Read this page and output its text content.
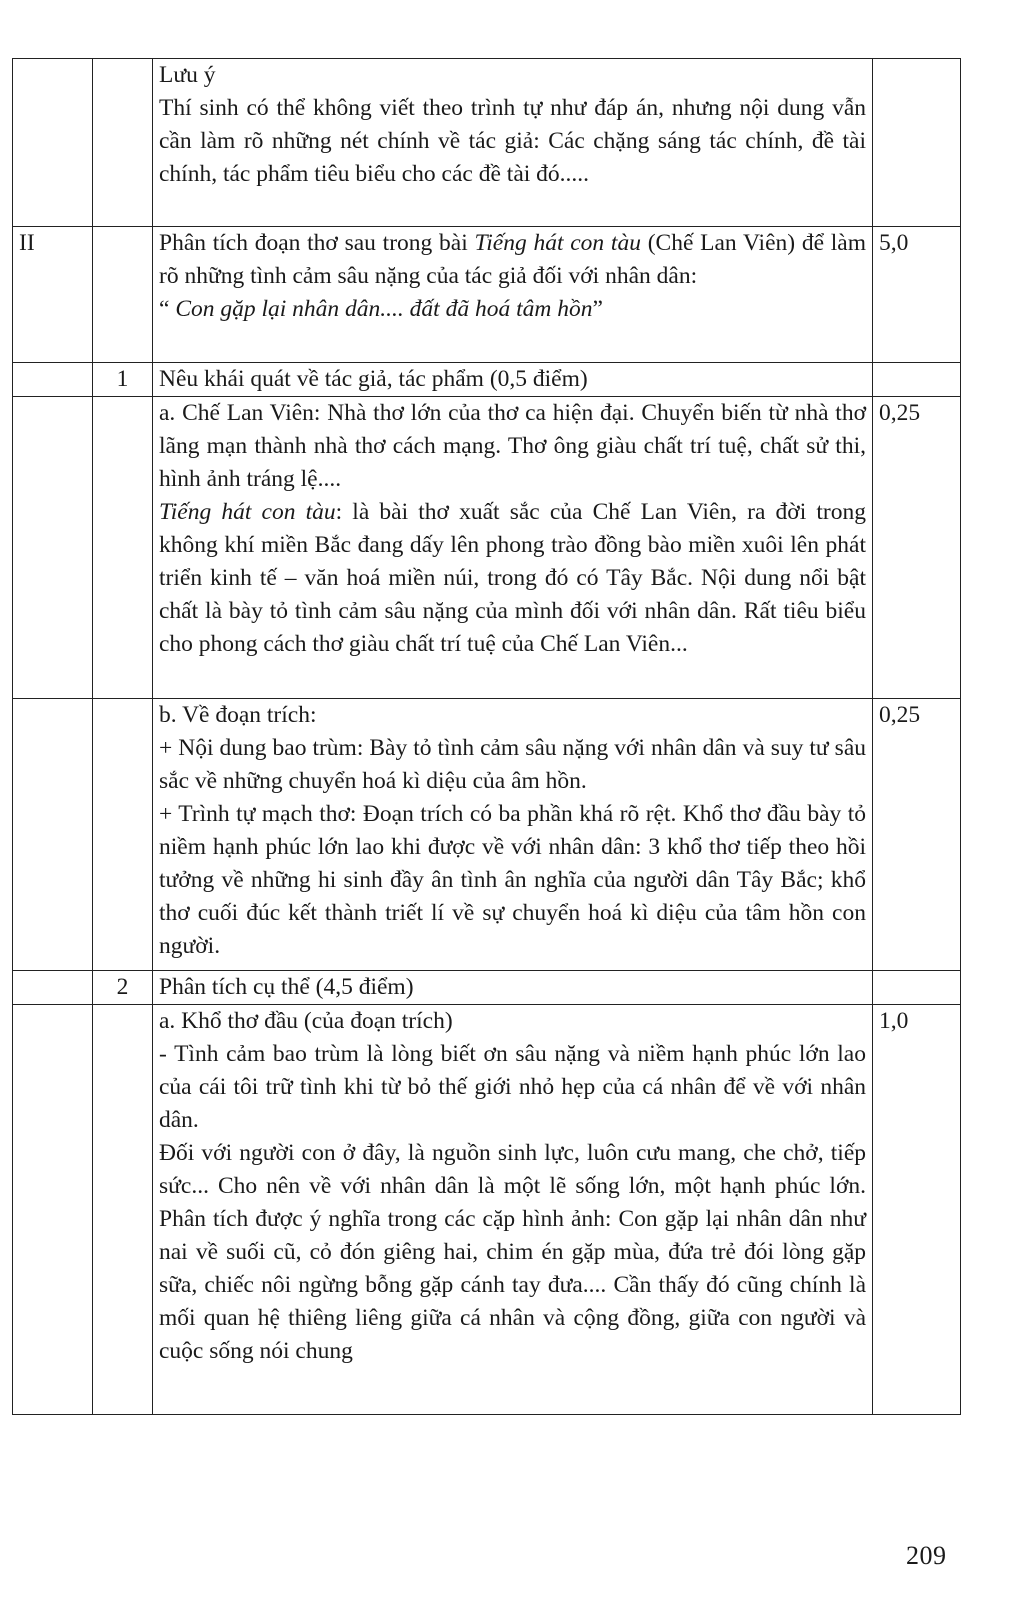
		Lưu ý
Thí sinh có thể không viết theo trình tự như đáp án, nhưng nội dung vẫn cần làm rõ những nét chính về tác giả: Các chặng sáng tác chính, đề tài chính, tác phẩm tiêu biểu cho các đề tài đó.....	

II		Phân tích đoạn thơ sau trong bài Tiếng hát con tàu (Chế Lan Viên) để làm rõ những tình cảm sâu nặng của tác giả đối với nhân dân:
“ Con gặp lại nhân dân.... đất đã hoá tâm hồn”	5,0
	1	Nêu khái quát về tác giả, tác phẩm (0,5 điểm)	

		a. Chế Lan Viên: Nhà thơ lớn của thơ ca hiện đại. Chuyển biến từ nhà thơ lãng mạn thành nhà thơ cách mạng. Thơ ông giàu chất trí tuệ, chất sử thi, hình ảnh tráng lệ....
Tiếng hát con tàu: là bài thơ xuất sắc của Chế Lan Viên, ra đời trong không khí miền Bắc đang dấy lên phong trào đồng bào miền xuôi lên phát triển kinh tế – văn hoá miền núi, trong đó có Tây Bắc. Nội dung nổi bật chất là bày tỏ tình cảm sâu nặng của mình đối với nhân dân. Rất tiêu biểu cho phong cách thơ giàu chất trí tuệ của Chế Lan Viên...	0,25

		b. Về đoạn trích:
+ Nội dung bao trùm: Bày tỏ tình cảm sâu nặng với nhân dân và suy tư sâu sắc về những chuyển hoá kì diệu của âm hồn.
+ Trình tự mạch thơ: Đoạn trích có ba phần khá rõ rệt. Khổ thơ đầu bày tỏ niềm hạnh phúc lớn lao khi được về với nhân dân: 3 khổ thơ tiếp theo hồi tưởng về những hi sinh đầy ân tình ân nghĩa của người dân Tây Bắc; khổ thơ cuối đúc kết thành triết lí về sự chuyển hoá kì diệu của tâm hồn con người.	0,25
	2	Phân tích cụ thể (4,5 điểm)	

		a. Khổ thơ đầu (của đoạn trích)
- Tình cảm bao trùm là lòng biết ơn sâu nặng và niềm hạnh phúc lớn lao của cái tôi trữ tình khi từ bỏ thế giới nhỏ hẹp của cá nhân để về với nhân dân.
Đối với người con ở đây, là nguồn sinh lực, luôn cưu mang, che chở, tiếp sức... Cho nên về với nhân dân là một lẽ sống lớn, một hạnh phúc lớn. Phân tích được ý nghĩa trong các cặp hình ảnh: Con gặp lại nhân dân như nai về suối cũ, cỏ đón giêng hai, chim én gặp mùa, đứa trẻ đói lòng gặp sữa, chiếc nôi ngừng bỗng gặp cánh tay đưa.... Cần thấy đó cũng chính là mối quan hệ thiêng liêng giữa cá nhân và cộng đồng, giữa con người và cuộc sống nói chung	1,0
209
